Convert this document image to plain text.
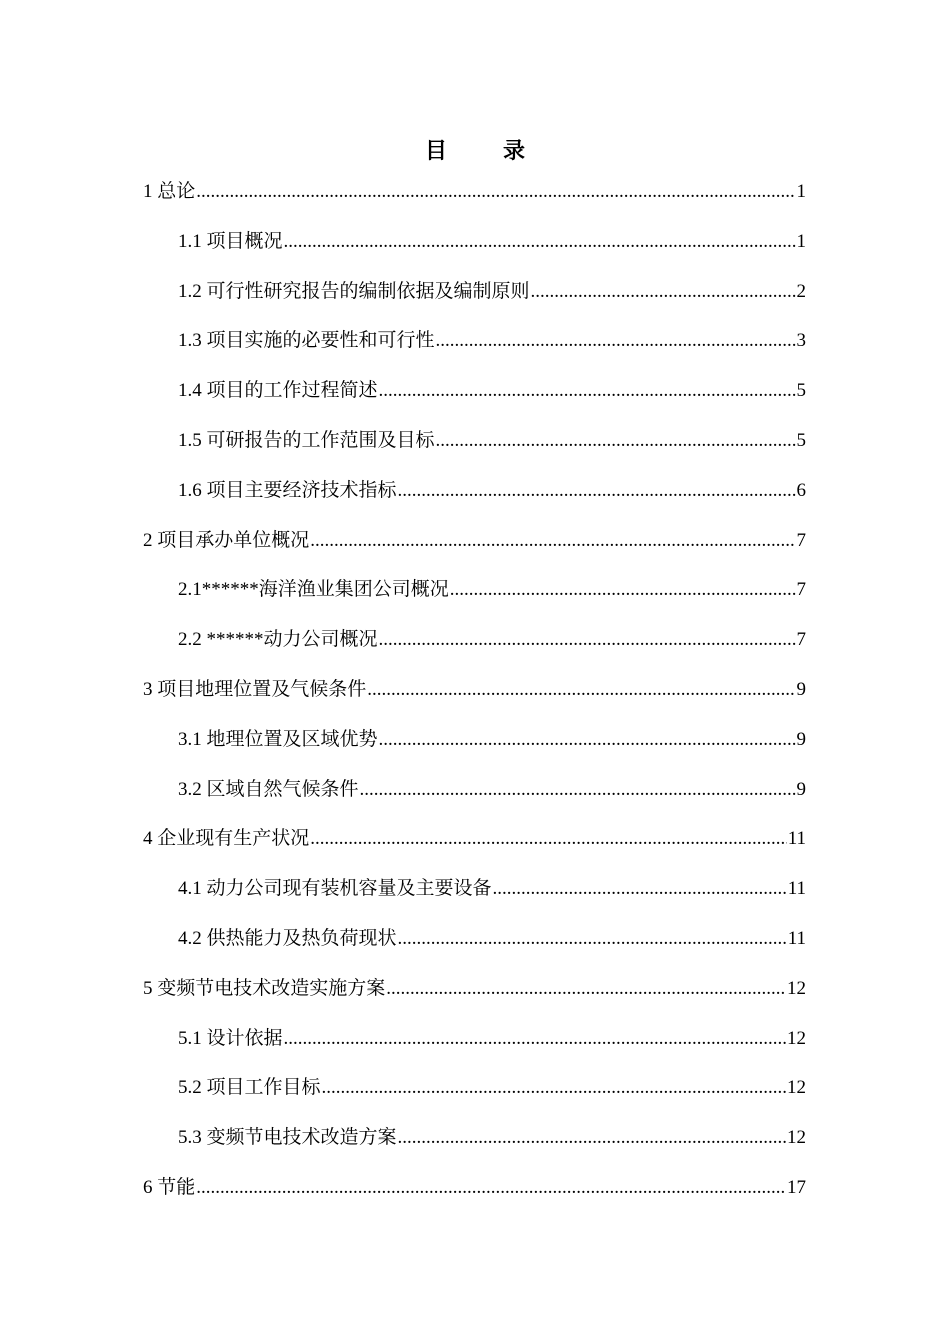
目	录
1 总论 .....	1
1.1 项目概况 .....	1
1.2 可行性研究报告的编制依据及编制原则 .....	2
1.3 项目实施的必要性和可行性 .....	3
1.4 项目的工作过程简述 .....	5
1.5 可研报告的工作范围及目标 .....	5
1.6 项目主要经济技术指标 .....	6
2 项目承办单位概况 .....	7
2.1******海洋渔业集团公司概况 .....	7
2.2 ******动力公司概况 .....	7
3 项目地理位置及气候条件 .....	9
3.1 地理位置及区域优势 .....	9
3.2 区域自然气候条件 .....	9
4 企业现有生产状况 .....	11
4.1 动力公司现有装机容量及主要设备 .....	11
4.2 供热能力及热负荷现状 .....	11
5 变频节电技术改造实施方案 .....	12
5.1 设计依据 .....	12
5.2 项目工作目标 .....	12
5.3 变频节电技术改造方案 .....	12
6 节能 .....	17
